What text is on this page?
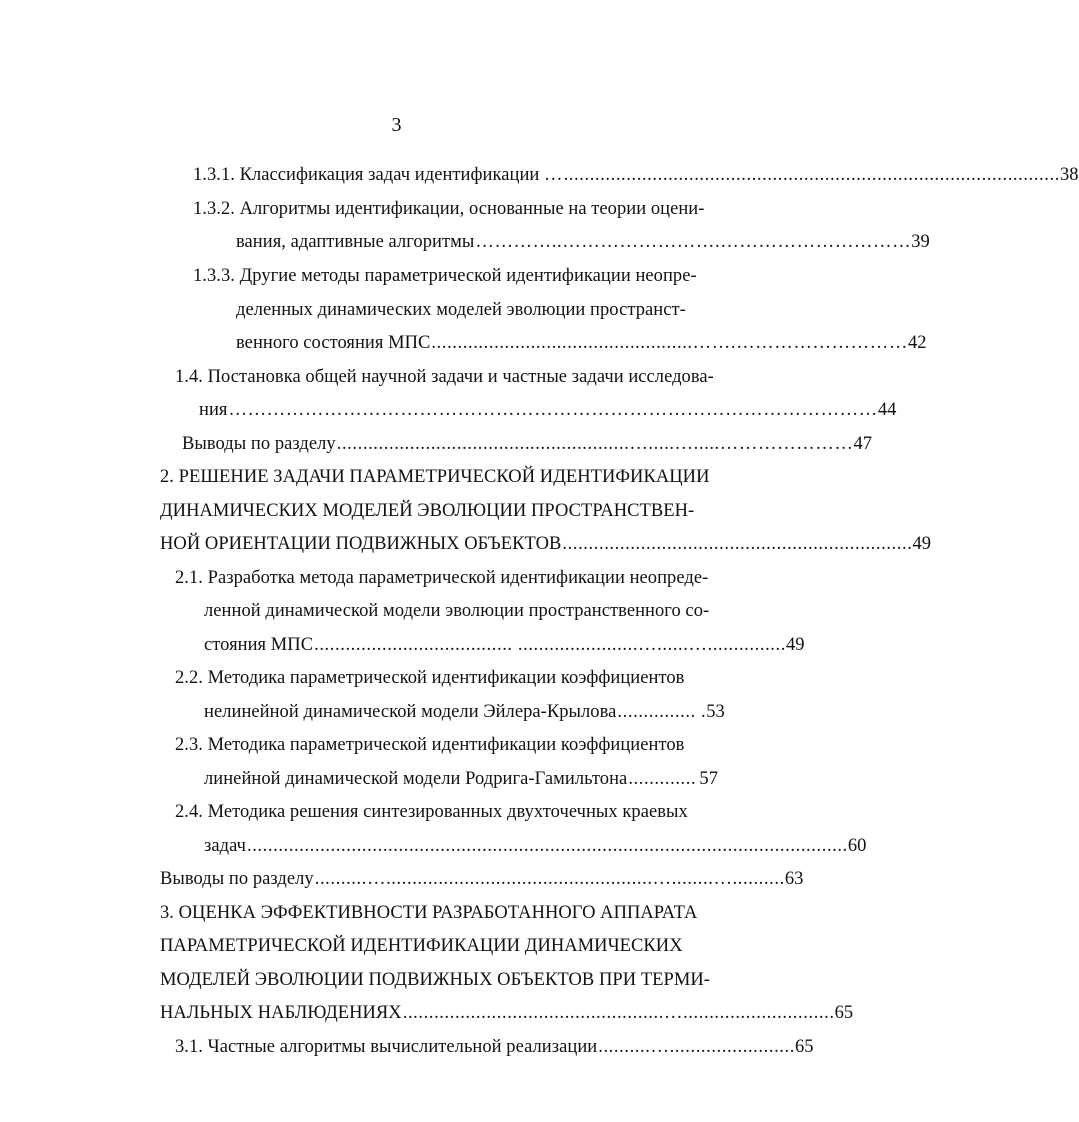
3
1.3.1. Классификация задач идентификации … ............................................................................................... 38
1.3.2. Алгоритмы идентификации, основанные на теории оцени-
вания, адаптивные алгоритмы …………..…………………….………………………… 39
1.3.3. Другие методы параметрической идентификации неопре-
деленных динамических моделей эволюции пространст-
венного состояния МПС ..................................................…….……………………… 42
1.4. Постановка общей научной задачи и частные задачи исследова-
ния ………………………………………………………………………………………… 44
Выводы по разделу ........................................................….....….....………………… 47
2. РЕШЕНИЕ ЗАДАЧИ ПАРАМЕТРИЧЕСКОЙ ИДЕНТИФИКАЦИИ
ДИНАМИЧЕСКИХ МОДЕЛЕЙ ЭВОЛЮЦИИ ПРОСТРАНСТВЕН-
НОЙ ОРИЕНТАЦИИ ПОДВИЖНЫХ ОБЪЕКТОВ ................................................................... 49
2.1. Разработка метода параметрической идентификации неопреде-
ленной динамической модели эволюции пространственного со-
стояния МПС ...................................... .......................…......…............... 49
2.2. Методика параметрической идентификации коэффициентов
нелинейной динамической модели Эйлера-Крылова ............... . 53
2.3. Методика параметрической идентификации коэффициентов
линейной динамической модели Родрига-Гамильтона ............. 57
2.4. Методика решения синтезированных двухточечных краевых
задач ................................................................................................................... 60
Выводы по разделу ..........…...................................................…........….......... 63
3. ОЦЕНКА ЭФФЕКТИВНОСТИ РАЗРАБОТАННОГО АППАРАТА
ПАРАМЕТРИЧЕСКОЙ ИДЕНТИФИКАЦИИ ДИНАМИЧЕСКИХ
МОДЕЛЕЙ ЭВОЛЮЦИИ ПОДВИЖНЫХ ОБЪЕКТОВ ПРИ ТЕРМИ-
НАЛЬНЫХ НАБЛЮДЕНИЯХ ..................................................…............................. 65
3.1. Частные алгоритмы вычислительной реализации ..........…........................ 65
